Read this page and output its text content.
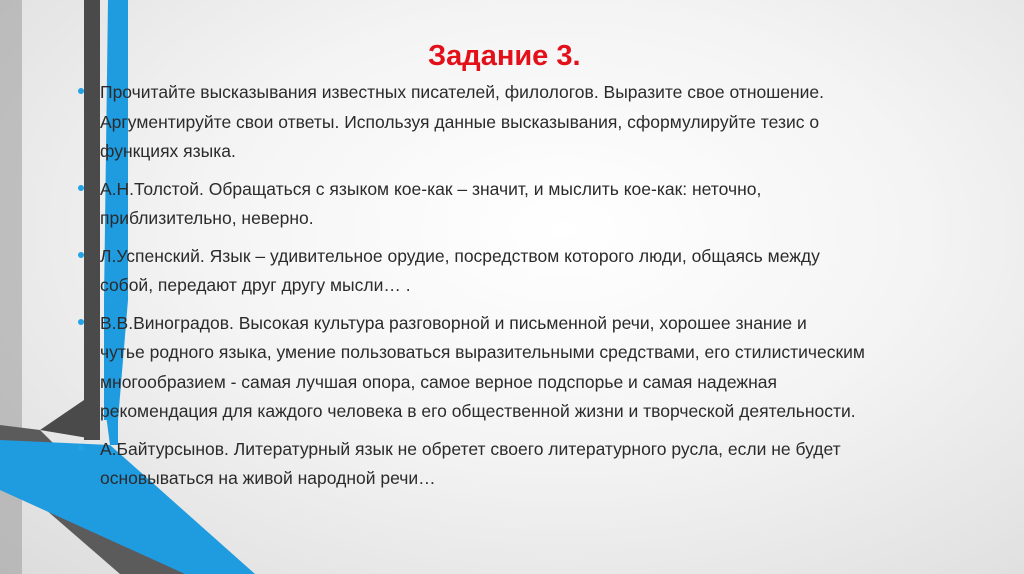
Задание 3.
Прочитайте высказывания известных писателей, филологов. Выразите свое отношение.
Аргументируйте свои ответы. Используя данные высказывания, сформулируйте тезис о
функциях языка.
А.Н.Толстой. Обращаться с языком кое-как – значит, и мыслить кое-как: неточно,
приблизительно, неверно.
Л.Успенский. Язык – удивительное орудие, посредством которого люди, общаясь между
собой, передают друг другу мысли… .
В.В.Виноградов. Высокая культура разговорной и письменной речи, хорошее знание и
чутье родного языка, умение пользоваться выразительными средствами, его стилистическим
многообразием - самая лучшая опора, самое верное подспорье и самая надежная
рекомендация для каждого человека в его общественной жизни и творческой деятельности.
А.Байтурсынов. Литературный язык не обретет своего литературного русла, если не будет
основываться на живой народной речи…
